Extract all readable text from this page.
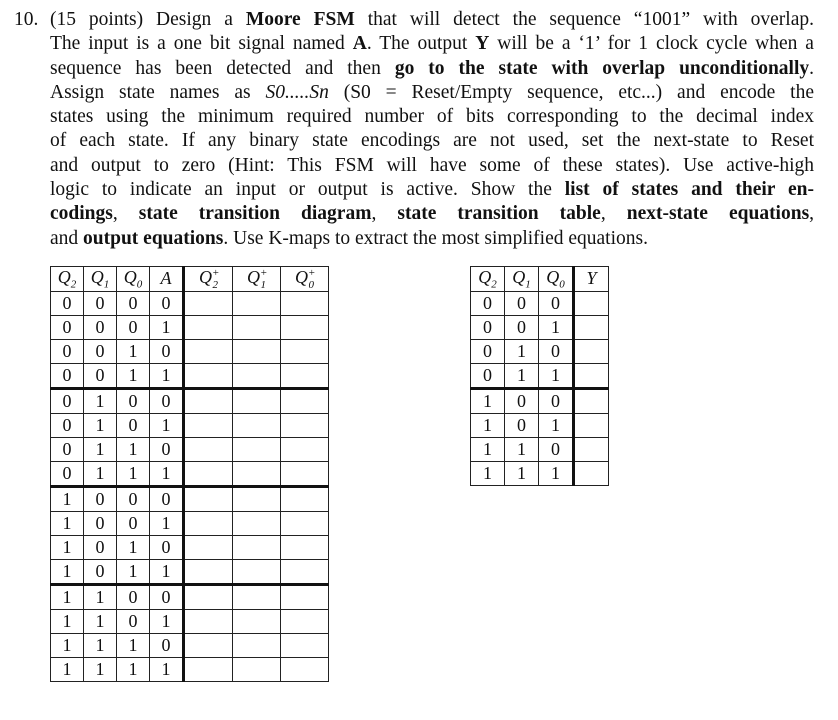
10. (15 points) Design a Moore FSM that will detect the sequence “1001” with overlap.
The input is a one bit signal named A. The output Y will be a ‘1’ for 1 clock cycle when a
sequence has been detected and then go to the state with overlap unconditionally.
Assign state names as S0.....Sn (S0 = Reset/Empty sequence, etc...) and encode the
states using the minimum required number of bits corresponding to the decimal index
of each state. If any binary state encodings are not used, set the next-state to Reset
and output to zero (Hint: This FSM will have some of these states). Use active-high
logic to indicate an input or output is active. Show the list of states and their en-
codings, state transition diagram, state transition table, next-state equations,
and output equations. Use K-maps to extract the most simplified equations.
$Q_2$	$Q_1$	$Q_0$	A	$Q^+_2$	$Q^+_1$	$Q^+_0$
0	0	0	0			
0	0	0	1			
0	0	1	0			
0	0	1	1			
0	1	0	0			
0	1	0	1			
0	1	1	0			
0	1	1	1			
1	0	0	0			
1	0	0	1			
1	0	1	0			
1	0	1	1			
1	1	0	0			
1	1	0	1			
1	1	1	0			
1	1	1	1			
$Q_2$	$Q_1$	$Q_0$	Y
0	0	0	
0	0	1	
0	1	0	
0	1	1	
1	0	0	
1	0	1	
1	1	0	
1	1	1	
